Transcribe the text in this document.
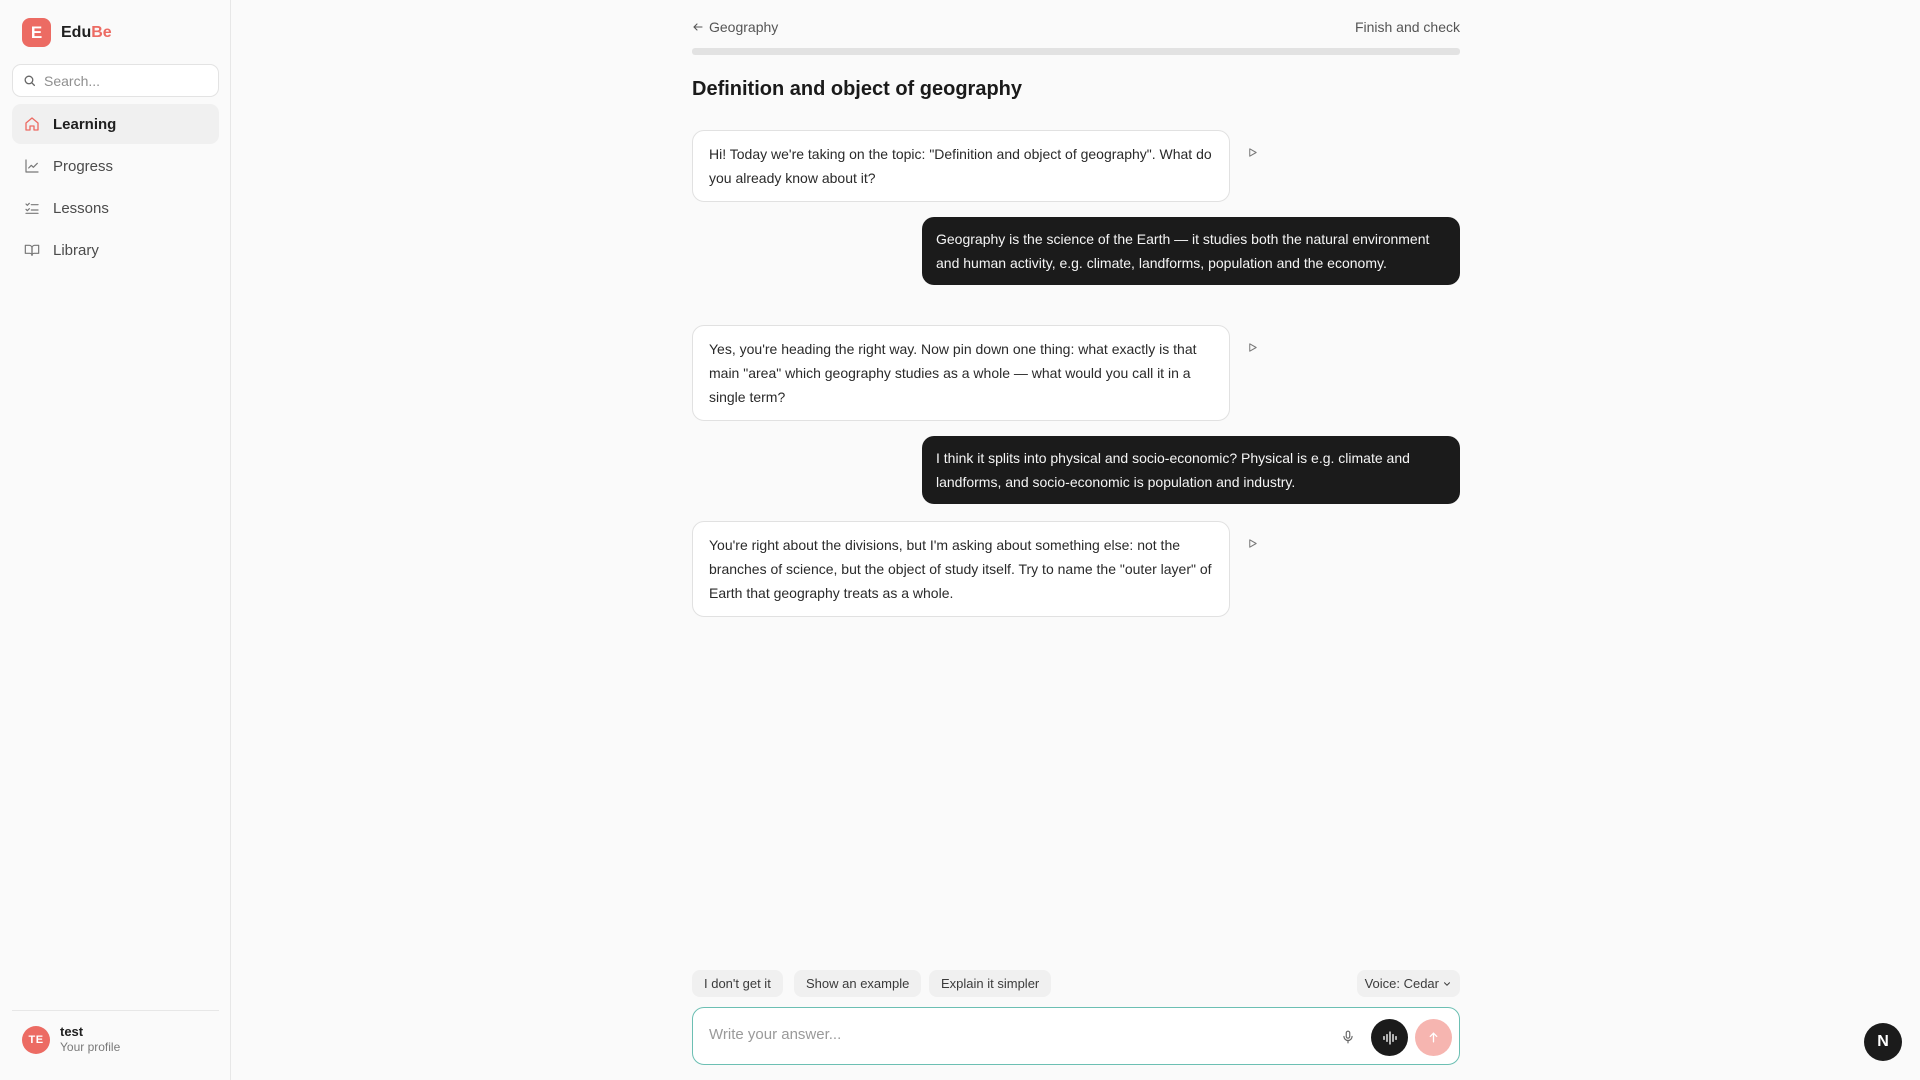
E	EduBe
Search...
Learning
Progress
Lessons
Library
TE
test
Your profile
Geography	Finish and check
Definition and object of geography
Hi! Today we're taking on the topic: "Definition and object of geography". What do you already know about it?
Geography is the science of the Earth — it studies both the natural environment and human activity, e.g. climate, landforms, population and the economy.
Yes, you're heading the right way. Now pin down one thing: what exactly is that main "area" which geography studies as a whole — what would you call it in a single term?
I think it splits into physical and socio-economic? Physical is e.g. climate and landforms, and socio-economic is population and industry.
You're right about the divisions, but I'm asking about something else: not the branches of science, but the object of study itself. Try to name the "outer layer" of Earth that geography treats as a whole.
I don't get it	Show an example	Explain it simpler	Voice: Cedar
Write your answer...
N
